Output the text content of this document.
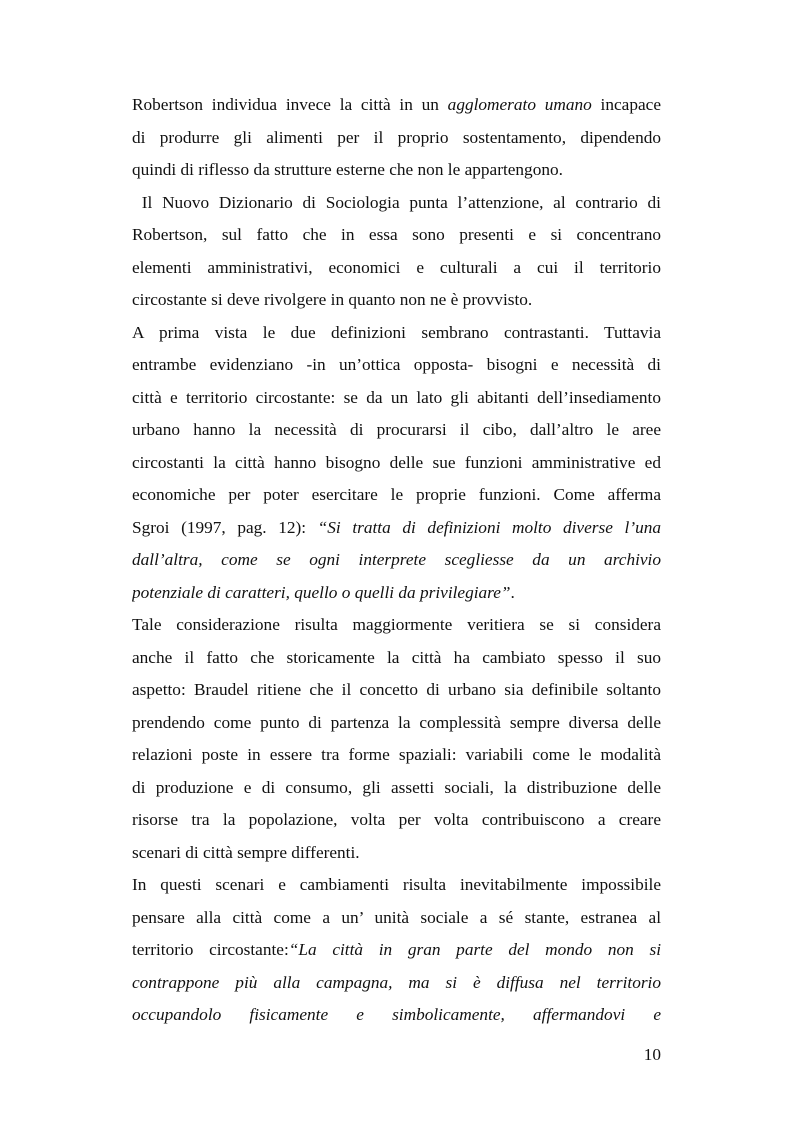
Robertson individua invece la città in un agglomerato umano incapace
di produrre gli alimenti per il proprio sostentamento, dipendendo
quindi di riflesso da strutture esterne che non le appartengono.
Il Nuovo Dizionario di Sociologia punta l’attenzione, al contrario di
Robertson, sul fatto che in essa sono presenti e si concentrano
elementi amministrativi, economici e culturali a cui il territorio
circostante si deve rivolgere in quanto non ne è provvisto.
A prima vista le due definizioni sembrano contrastanti. Tuttavia
entrambe evidenziano -in un’ottica opposta- bisogni e necessità di
città e territorio circostante: se da un lato gli abitanti dell’insediamento
urbano hanno la necessità di procurarsi il cibo, dall’altro le aree
circostanti la città hanno bisogno delle sue funzioni amministrative ed
economiche per poter esercitare le proprie funzioni. Come afferma
Sgroi (1997, pag. 12): “Si tratta di definizioni molto diverse l’una
dall’altra, come se ogni interprete scegliesse da un archivio
potenziale di caratteri, quello o quelli da privilegiare”.
Tale considerazione risulta maggiormente veritiera se si considera
anche il fatto che storicamente la città ha cambiato spesso il suo
aspetto: Braudel ritiene che il concetto di urbano sia definibile soltanto
prendendo come punto di partenza la complessità sempre diversa delle
relazioni poste in essere tra forme spaziali: variabili come le modalità
di produzione e di consumo, gli assetti sociali, la distribuzione delle
risorse tra la popolazione, volta per volta contribuiscono a creare
scenari di città sempre differenti.
In questi scenari e cambiamenti risulta inevitabilmente impossibile
pensare alla città come a un’ unità sociale a sé stante, estranea al
territorio circostante:“La città in gran parte del mondo non si
contrappone più alla campagna, ma si è diffusa nel territorio
occupandolo fisicamente e simbolicamente, affermandovi e
10
